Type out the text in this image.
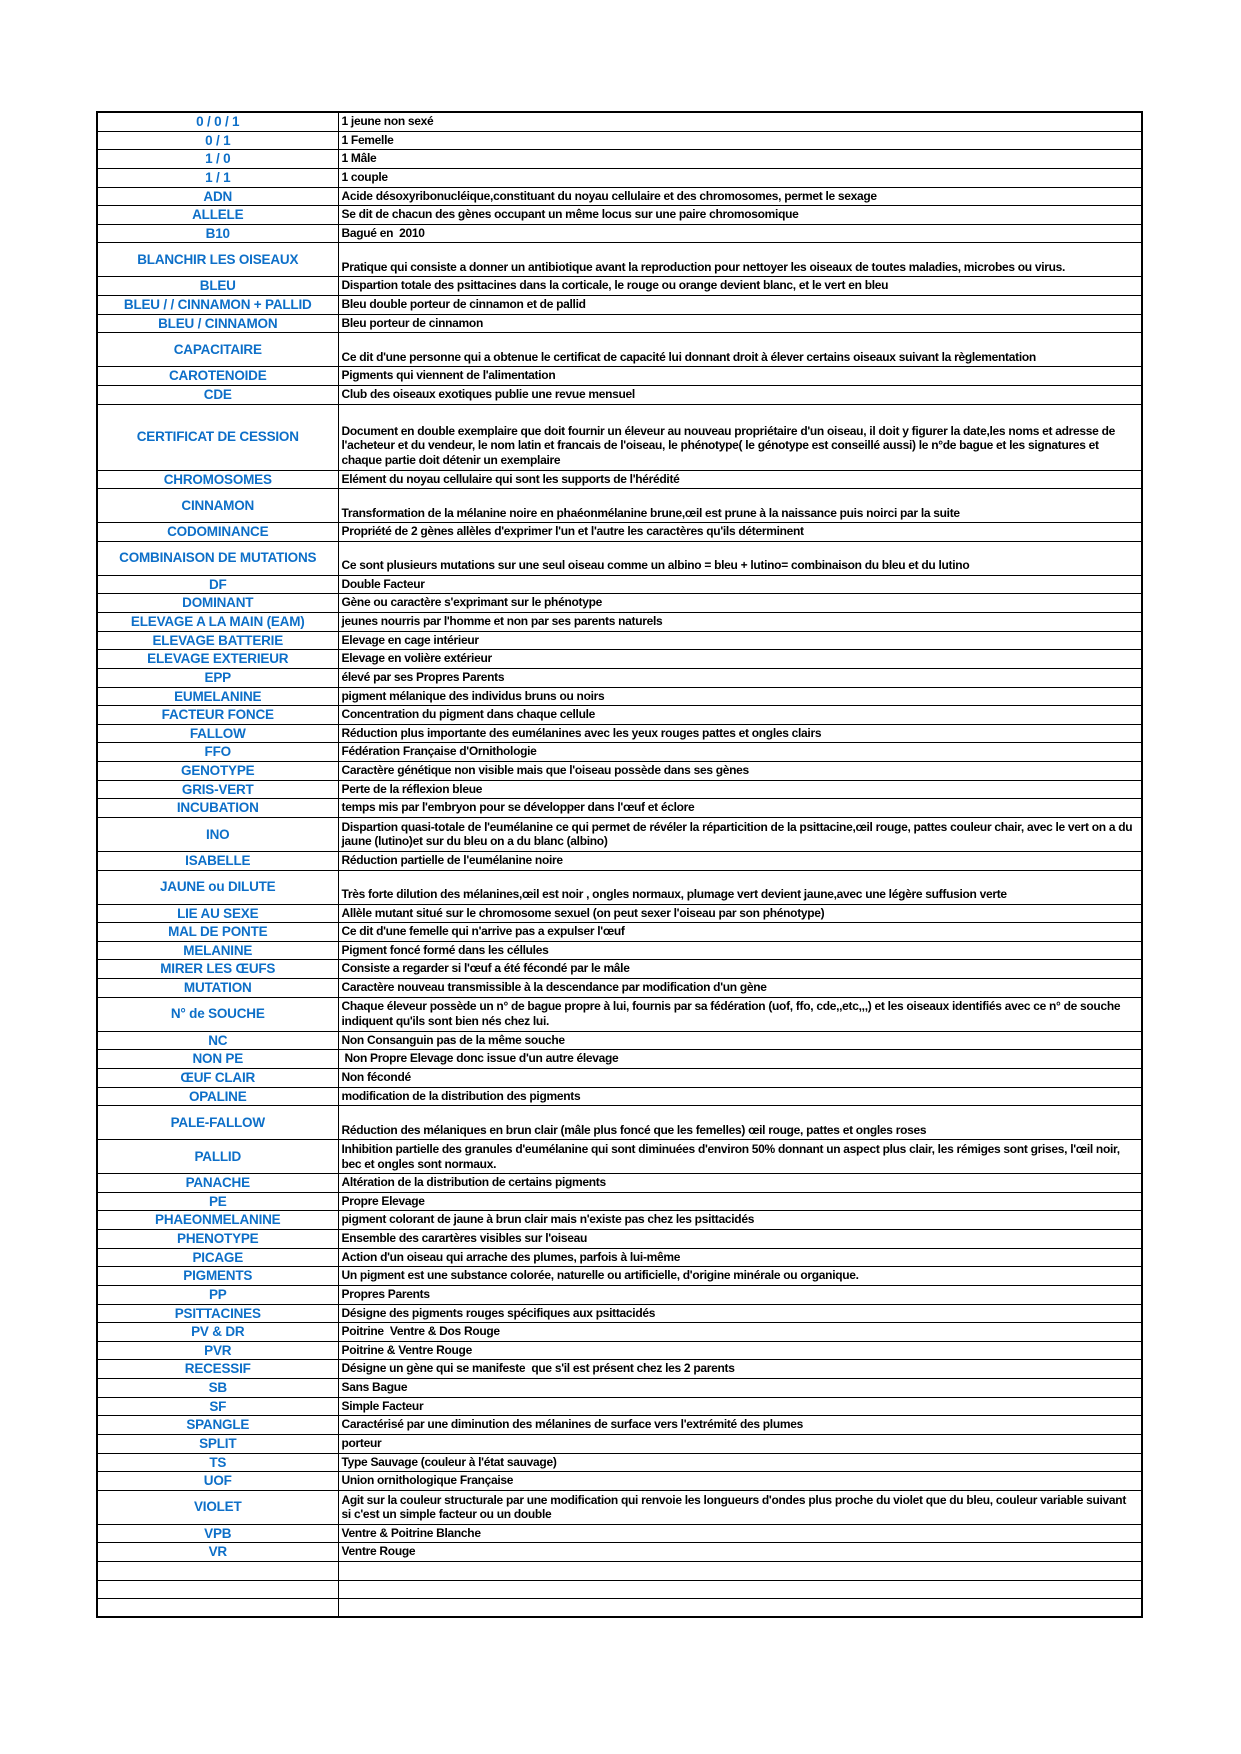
0 / 0 / 1	1 jeune non sexé
0 / 1	1 Femelle
1 / 0	1 Mâle
1 / 1	1 couple
ADN	Acide désoxyribonucléique,constituant du noyau cellulaire et des chromosomes, permet le sexage
ALLELE	Se dit de chacun des gènes occupant un même locus sur une paire chromosomique
B10	Bagué en  2010
BLANCHIR LES OISEAUX	Pratique qui consiste a donner un antibiotique avant la reproduction pour nettoyer les oiseaux de toutes maladies, microbes ou virus.
BLEU	Dispartion totale des psittacines dans la corticale, le rouge ou orange devient blanc, et le vert en bleu
BLEU / / CINNAMON + PALLID	Bleu double porteur de cinnamon et de pallid
BLEU / CINNAMON	Bleu porteur de cinnamon
CAPACITAIRE	Ce dit d'une personne qui a obtenue le certificat de capacité lui donnant droit à élever certains oiseaux suivant la règlementation
CAROTENOIDE	Pigments qui viennent de l'alimentation
CDE	Club des oiseaux exotiques publie une revue mensuel
CERTIFICAT DE CESSION	Document en double exemplaire que doit fournir un éleveur au nouveau propriétaire d'un oiseau, il doit y figurer la date,les noms et adresse de l'acheteur et du vendeur, le nom latin et francais de l'oiseau, le phénotype( le génotype est conseillé aussi) le n°de bague et les signatures et chaque partie doit détenir un exemplaire
CHROMOSOMES	Elément du noyau cellulaire qui sont les supports de l'hérédité
CINNAMON	Transformation de la mélanine noire en phaéonmélanine brune,œil est prune à la naissance puis noirci par la suite
CODOMINANCE	Propriété de 2 gènes allèles d'exprimer l'un et l'autre les caractères qu'ils déterminent
COMBINAISON DE MUTATIONS	Ce sont plusieurs mutations sur une seul oiseau comme un albino = bleu + lutino= combinaison du bleu et du lutino
DF	Double Facteur
DOMINANT	Gène ou caractère s'exprimant sur le phénotype
ELEVAGE A LA MAIN (EAM)	jeunes nourris par l'homme et non par ses parents naturels
ELEVAGE BATTERIE	Elevage en cage intérieur
ELEVAGE EXTERIEUR	Elevage en volière extérieur
EPP	élevé par ses Propres Parents
EUMELANINE	pigment mélanique des individus bruns ou noirs
FACTEUR FONCE	Concentration du pigment dans chaque cellule
FALLOW	Réduction plus importante des eumélanines avec les yeux rouges pattes et ongles clairs
FFO	Fédération Française d'Ornithologie
GENOTYPE	Caractère génétique non visible mais que l'oiseau possède dans ses gènes
GRIS-VERT	Perte de la réflexion bleue
INCUBATION	temps mis par l'embryon pour se développer dans l'œuf et éclore
INO	Dispartion quasi-totale de l'eumélanine ce qui permet de révéler la réparticition de la psittacine,œil rouge, pattes couleur chair, avec le vert on a du jaune (lutino)et sur du bleu on a du blanc (albino)
ISABELLE	Réduction partielle de l'eumélanine noire
JAUNE ou DILUTE	Très forte dilution des mélanines,œil est noir , ongles normaux, plumage vert devient jaune,avec une légère suffusion verte
LIE AU SEXE	Allèle mutant situé sur le chromosome sexuel (on peut sexer l'oiseau par son phénotype)
MAL DE PONTE	Ce dit d'une femelle qui n'arrive pas a expulser l'œuf
MELANINE	Pigment foncé formé dans les céllules
MIRER LES ŒUFS	Consiste a regarder si l'œuf a été fécondé par le mâle
MUTATION	Caractère nouveau transmissible à la descendance par modification d'un gène
N° de SOUCHE	Chaque éleveur possède un n° de bague propre à lui, fournis par sa fédération (uof, ffo, cde,,etc,,,) et les oiseaux identifiés avec ce n° de souche indiquent qu'ils sont bien nés chez lui.
NC	Non Consanguin pas de la même souche
NON PE	Non Propre Elevage donc issue d'un autre élevage
ŒUF CLAIR	Non fécondé
OPALINE	modification de la distribution des pigments
PALE-FALLOW	Réduction des mélaniques en brun clair (mâle plus foncé que les femelles) œil rouge, pattes et ongles roses
PALLID	Inhibition partielle des granules d'eumélanine qui sont diminuées d'environ 50% donnant un aspect plus clair, les rémiges sont grises, l'œil noir, bec et ongles sont normaux.
PANACHE	Altération de la distribution de certains pigments
PE	Propre Elevage
PHAEONMELANINE	pigment colorant de jaune à brun clair mais n'existe pas chez les psittacidés
PHENOTYPE	Ensemble des carartères visibles sur l'oiseau
PICAGE	Action d'un oiseau qui arrache des plumes, parfois à lui-même
PIGMENTS	Un pigment est une substance colorée, naturelle ou artificielle, d'origine minérale ou organique.
PP	Propres Parents
PSITTACINES	Désigne des pigments rouges spécifiques aux psittacidés
PV & DR	Poitrine  Ventre & Dos Rouge
PVR	Poitrine & Ventre Rouge
RECESSIF	Désigne un gène qui se manifeste  que s'il est présent chez les 2 parents
SB	Sans Bague
SF	Simple Facteur
SPANGLE	Caractérisé par une diminution des mélanines de surface vers l'extrémité des plumes
SPLIT	porteur
TS	Type Sauvage (couleur à l'état sauvage)
UOF	Union ornithologique Française
VIOLET	Agit sur la couleur structurale par une modification qui renvoie les longueurs d'ondes plus proche du violet que du bleu, couleur variable suivant si c'est un simple facteur ou un double
VPB	Ventre & Poitrine Blanche
VR	Ventre Rouge
